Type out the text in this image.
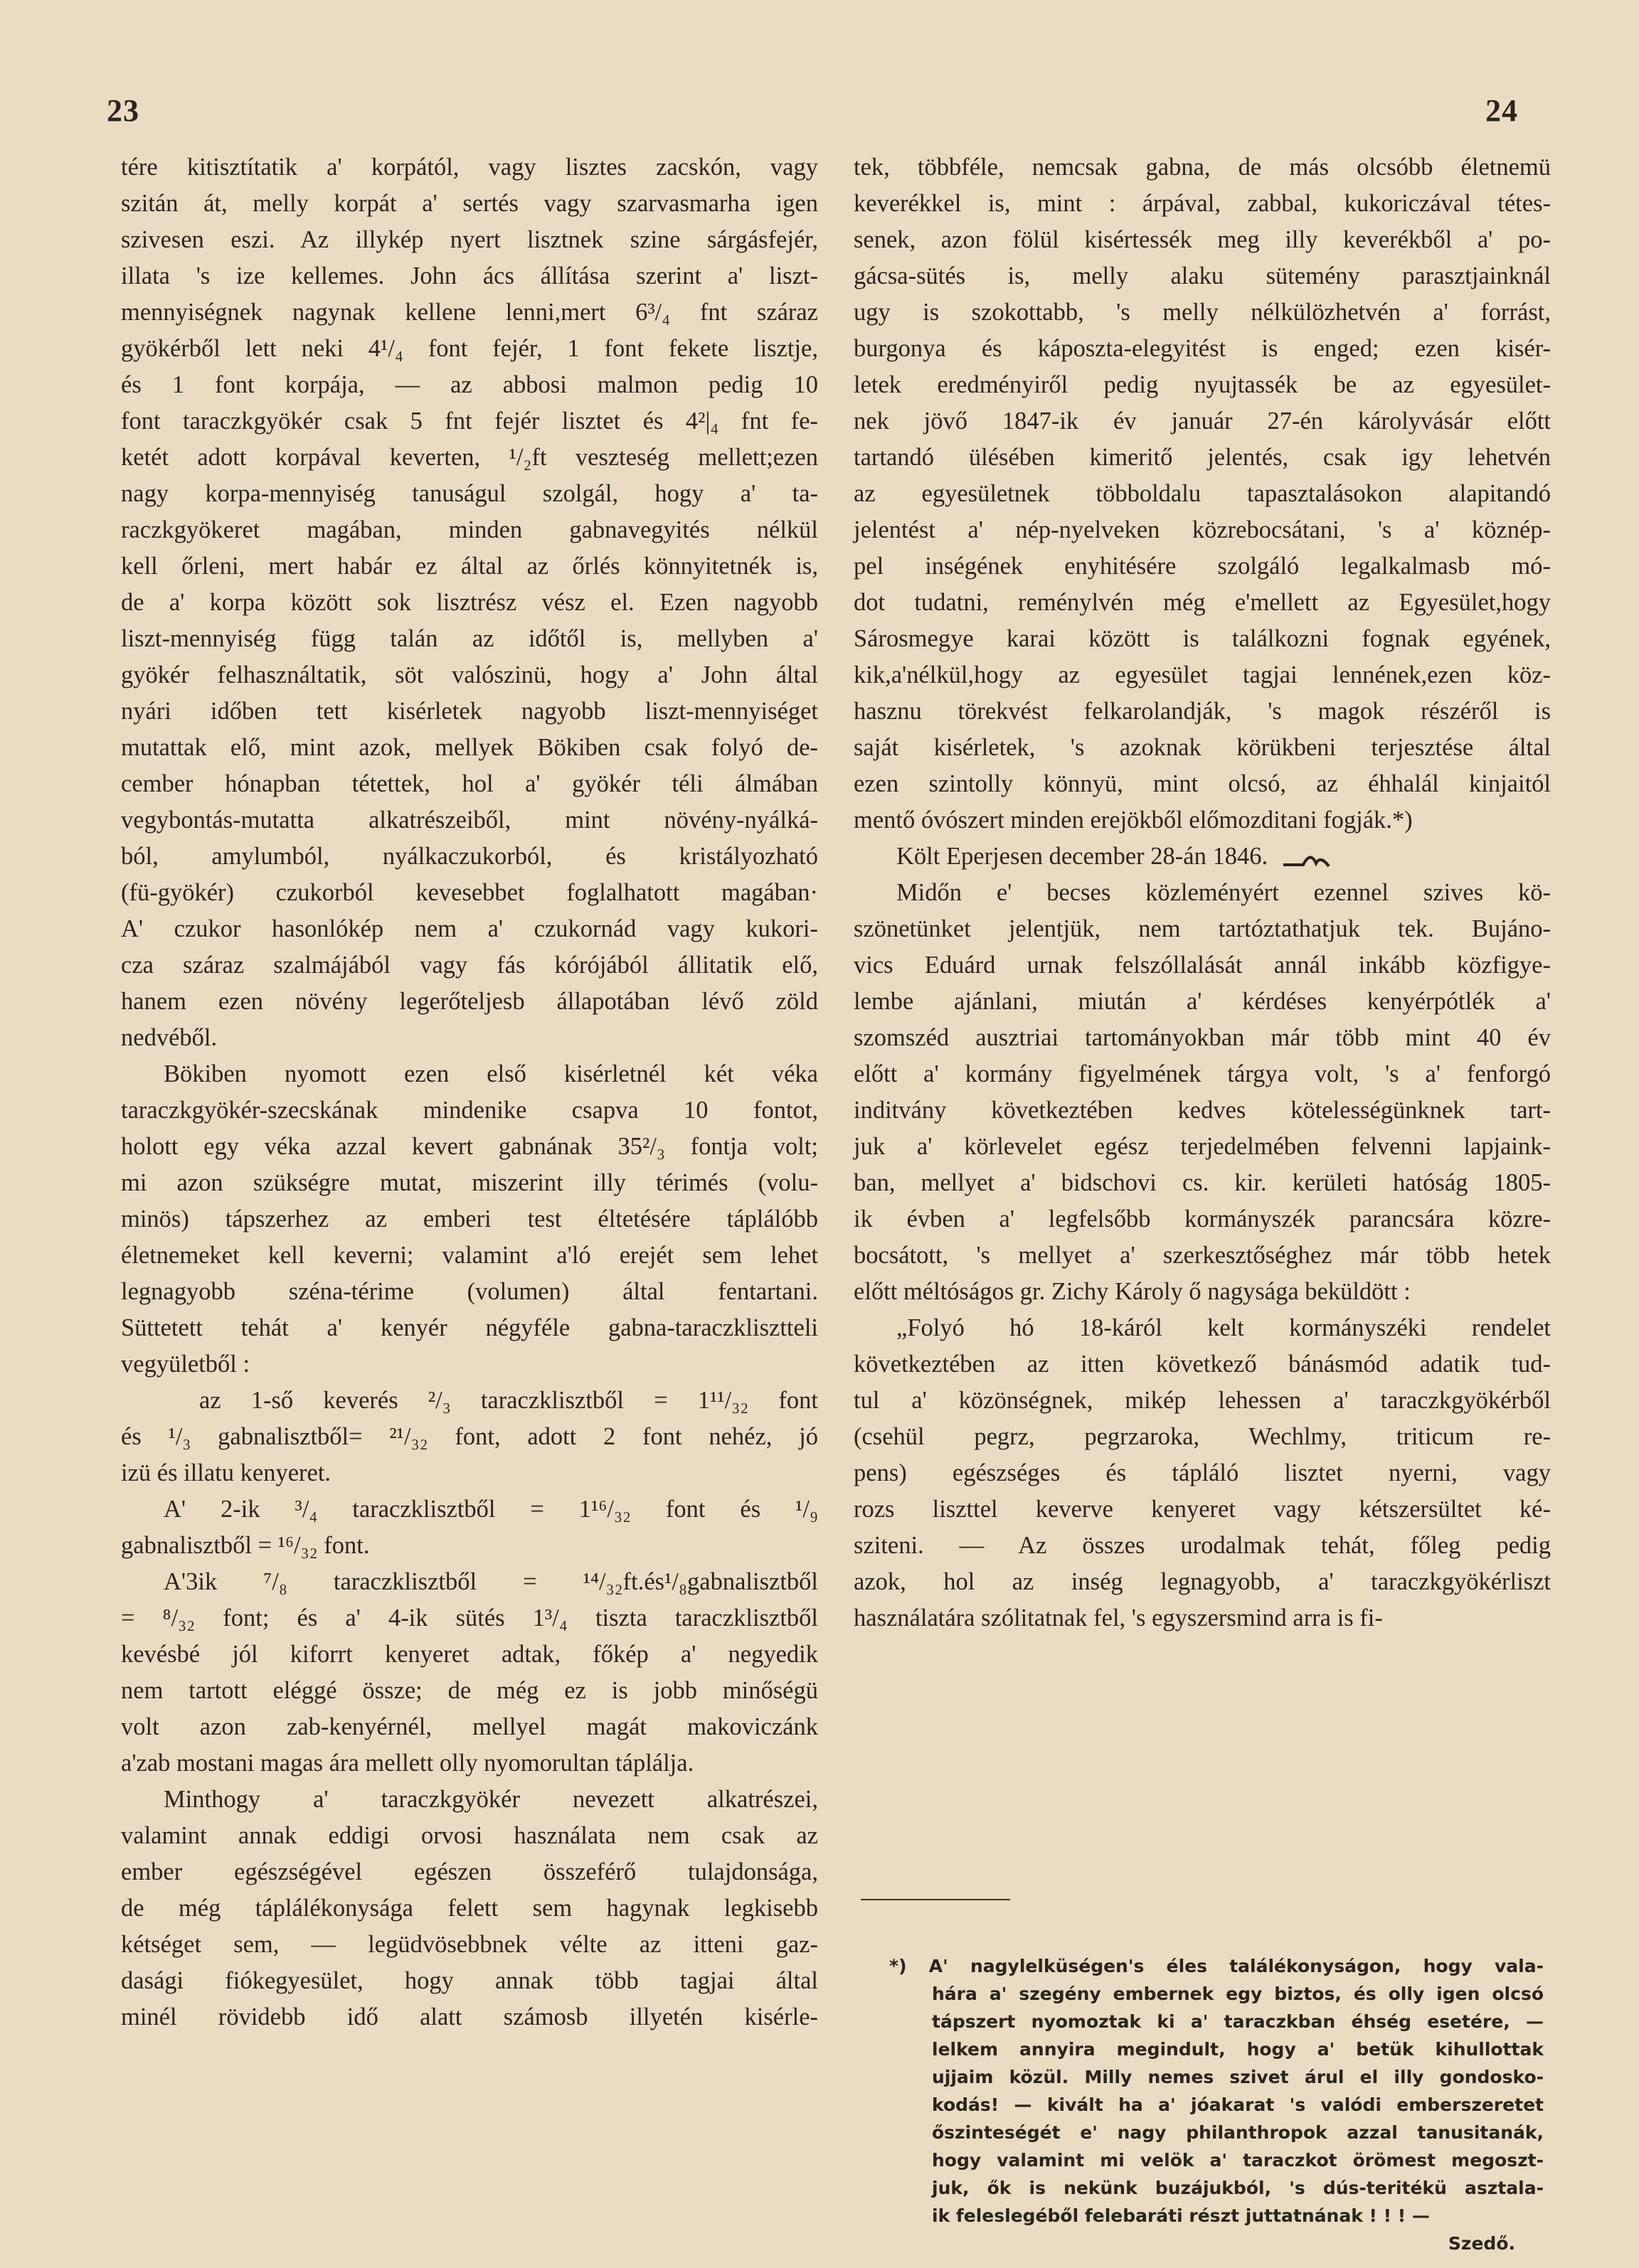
23	24
tére kitisztítatik a' korpától, vagy lisztes zacskón, vagy
szitán át, melly korpát a' sertés vagy szarvasmarha igen
szivesen eszi. Az illykép nyert lisztnek szine sárgásfejér,
illata 's ize kellemes. John ács állítása szerint a' liszt-
mennyiségnek nagynak kellene lenni,mert 6³/₄ fnt száraz
gyökérből lett neki 4¹/₄ font fejér, 1 font fekete lisztje,
és 1 font korpája, — az abbosi malmon pedig 10
font taraczkgyökér csak 5 fnt fejér lisztet és 4²|₄ fnt fe-
ketét adott korpával keverten, ¹/₂ft veszteség mellett;ezen
nagy korpa-mennyiség tanuságul szolgál, hogy a' ta-
raczkgyökeret magában, minden gabnavegyités nélkül
kell őrleni, mert habár ez által az őrlés könnyitetnék is,
de a' korpa között sok lisztrész vész el. Ezen nagyobb
liszt-mennyiség függ talán az időtől is, mellyben a'
gyökér felhasználtatik, söt valószinü, hogy a' John által
nyári időben tett kisérletek nagyobb liszt-mennyiséget
mutattak elő, mint azok, mellyek Bökiben csak folyó de-
cember hónapban tétettek, hol a' gyökér téli álmában
vegybontás-mutatta alkatrészeiből, mint növény-nyálká-
ból, amylumból, nyálkaczukorból, és kristályozható
(fü-gyökér) czukorból kevesebbet foglalhatott magában·
A' czukor hasonlókép nem a' czukornád vagy kukori-
cza száraz szalmájából vagy fás kórójából állitatik elő,
hanem ezen növény legerőteljesb állapotában lévő zöld
nedvéből.
Bökiben nyomott ezen első kisérletnél két véka
taraczkgyökér-szecskának mindenike csapva 10 fontot,
holott egy véka azzal kevert gabnának 35²/₃ fontja volt;
mi azon szükségre mutat, miszerint illy térimés (volu-
minös) tápszerhez az emberi test éltetésére táplálóbb
életnemeket kell keverni; valamint a'ló erejét sem lehet
legnagyobb széna-térime (volumen) által fentartani.
Süttetett tehát a' kenyér négyféle gabna-taraczklisztteli
vegyületből :
az 1-ső keverés ²/₃ taraczklisztből = 1¹¹/₃₂ font
és ¹/₃ gabnalisztből= ²¹/₃₂ font, adott 2 font nehéz, jó
izü és illatu kenyeret.
A' 2-ik ³/₄ taraczklisztből = 1¹⁶/₃₂ font és ¹/₉
gabnalisztből = ¹⁶/₃₂ font.
A'3ik ⁷/₈ taraczklisztből = ¹⁴/₃₂ft.és¹/₈gabnalisztből
= ⁸/₃₂ font; és a' 4-ik sütés 1³/₄ tiszta taraczklisztből
kevésbé jól kiforrt kenyeret adtak, főkép a' negyedik
nem tartott eléggé össze; de még ez is jobb minőségü
volt azon zab-kenyérnél, mellyel magát makoviczánk
a'zab mostani magas ára mellett olly nyomorultan táplálja.
Minthogy a' taraczkgyökér nevezett alkatrészei,
valamint annak eddigi orvosi használata nem csak az
ember egészségével egészen összeférő tulajdonsága,
de még táplálékonysága felett sem hagynak legkisebb
kétséget sem, — legüdvösebbnek vélte az itteni gaz-
dasági fiókegyesület, hogy annak több tagjai által
minél rövidebb idő alatt számosb illyetén kisérle-
tek, többféle, nemcsak gabna, de más olcsóbb életnemü
keverékkel is, mint : árpával, zabbal, kukoriczával tétes-
senek, azon fölül kisértessék meg illy keverékből a' po-
gácsa-sütés is, melly alaku sütemény parasztjainknál
ugy is szokottabb, 's melly nélkülözhetvén a' forrást,
burgonya és káposzta-elegyitést is enged; ezen kisér-
letek eredményiről pedig nyujtassék be az egyesület-
nek jövő 1847-ik év január 27-én károlyvásár előtt
tartandó ülésében kimeritő jelentés, csak igy lehetvén
az egyesületnek többoldalu tapasztalásokon alapitandó
jelentést a' nép-nyelveken közrebocsátani, 's a' köznép-
pel inségének enyhitésére szolgáló legalkalmasb mó-
dot tudatni, reménylvén még e'mellett az Egyesület,hogy
Sárosmegye karai között is találkozni fognak egyének,
kik,a'nélkül,hogy az egyesület tagjai lennének,ezen köz-
hasznu törekvést felkarolandják, 's magok részéről is
saját kisérletek, 's azoknak körükbeni terjesztése által
ezen szintolly könnyü, mint olcsó, az éhhalál kinjaitól
mentő óvószert minden erejökből előmozditani fogják.*)
Költ Eperjesen december 28-án 1846.
Midőn e' becses közleményért ezennel szives kö-
szönetünket jelentjük, nem tartóztathatjuk tek. Bujáno-
vics Eduárd urnak felszóllalását annál inkább közfigye-
lembe ajánlani, miután a' kérdéses kenyérpótlék a'
szomszéd ausztriai tartományokban már több mint 40 év
előtt a' kormány figyelmének tárgya volt, 's a' fenforgó
inditvány következtében kedves kötelességünknek tart-
juk a' körlevelet egész terjedelmében felvenni lapjaink-
ban, mellyet a' bidschovi cs. kir. kerületi hatóság 1805-
ik évben a' legfelsőbb kormányszék parancsára közre-
bocsátott, 's mellyet a' szerkesztőséghez már több hetek
előtt méltóságos gr. Zichy Károly ő nagysága beküldött :
„Folyó hó 18-káról kelt kormányszéki rendelet
következtében az itten következő bánásmód adatik tud-
tul a' közönségnek, mikép lehessen a' taraczkgyökérből
(csehül pegrz, pegrzaroka, Wechlmy, triticum re-
pens) egészséges és tápláló lisztet nyerni, vagy
rozs liszttel keverve kenyeret vagy kétszersültet ké-
sziteni. — Az összes urodalmak tehát, főleg pedig
azok, hol az inség legnagyobb, a' taraczkgyökérliszt
használatára szólitatnak fel, 's egyszersmind arra is fi-
*) A' nagylelküségen's éles találékonyságon, hogy vala-
hára a' szegény embernek egy biztos, és olly igen olcsó
tápszert nyomoztak ki a' taraczkban éhség esetére, —
lelkem annyira megindult, hogy a' betük kihullottak
ujjaim közül. Milly nemes szivet árul el illy gondosko-
kodás! — kivált ha a' jóakarat 's valódi emberszeretet
őszinteségét e' nagy philanthropok azzal tanusitanák,
hogy valamint mi velök a' taraczkot örömest megoszt-
juk, ők is nekünk buzájukból, 's dús-teritékü asztala-
ik feleslegéből felebaráti részt juttatnának ! ! ! —
Szedő.
